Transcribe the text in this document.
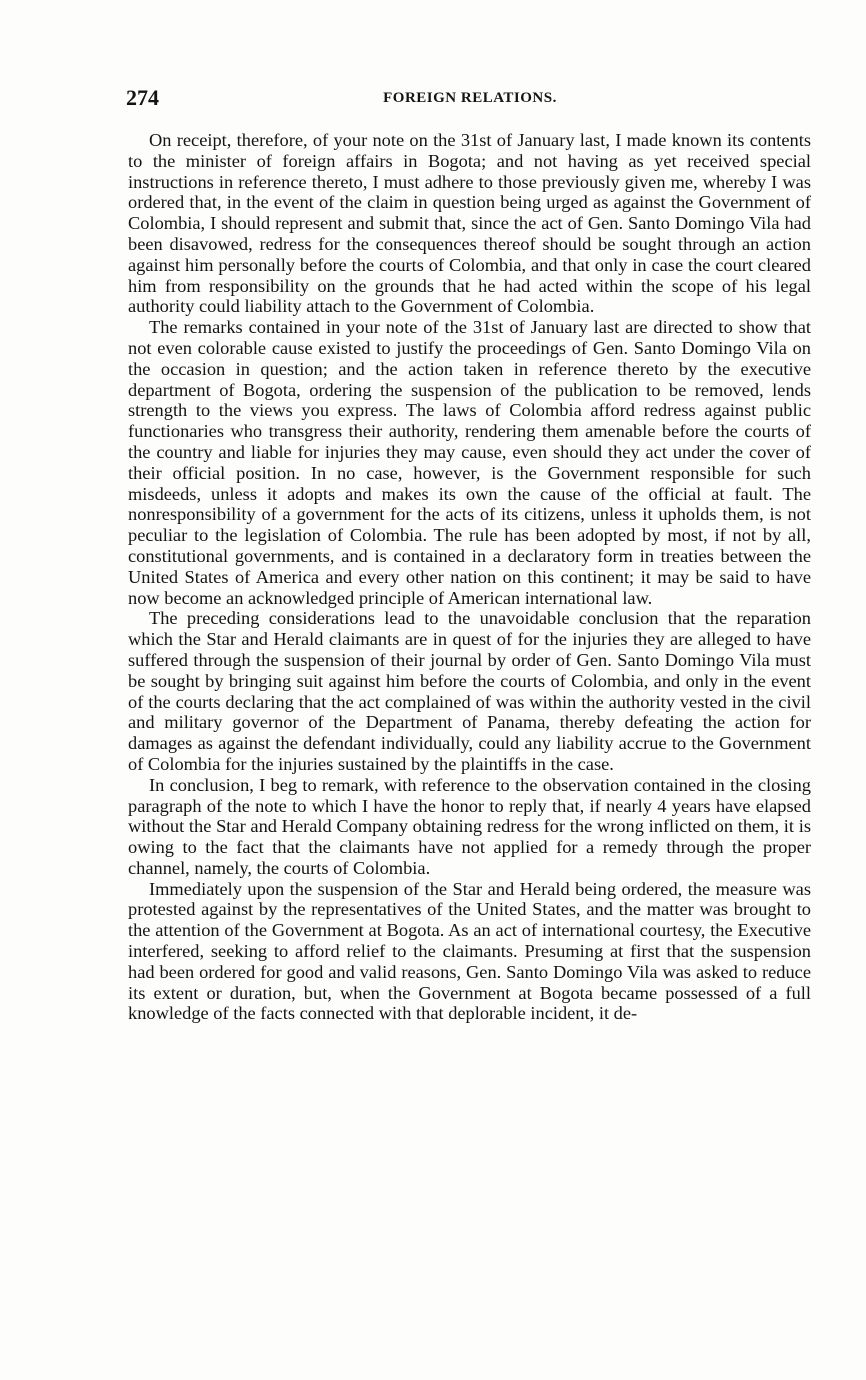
274	FOREIGN RELATIONS.

On receipt, therefore, of your note on the 31st of January last, I made known its contents to the minister of foreign affairs in Bogota; and not having as yet received special instructions in reference thereto, I must adhere to those previously given me, whereby I was ordered that, in the event of the claim in question being urged as against the Government of Colombia, I should represent and submit that, since the act of Gen. Santo Domingo Vila had been disavowed, redress for the consequences thereof should be sought through an action against him personally before the courts of Colombia, and that only in case the court cleared him from responsibility on the grounds that he had acted within the scope of his legal authority could liability attach to the Government of Colombia.

The remarks contained in your note of the 31st of January last are directed to show that not even colorable cause existed to justify the proceedings of Gen. Santo Domingo Vila on the occasion in question; and the action taken in reference thereto by the executive department of Bogota, ordering the suspension of the publication to be removed, lends strength to the views you express. The laws of Colombia afford redress against public functionaries who transgress their authority, rendering them amenable before the courts of the country and liable for injuries they may cause, even should they act under the cover of their official position. In no case, however, is the Government responsible for such misdeeds, unless it adopts and makes its own the cause of the official at fault. The nonresponsibility of a government for the acts of its citizens, unless it upholds them, is not peculiar to the legislation of Colombia. The rule has been adopted by most, if not by all, constitutional governments, and is contained in a declaratory form in treaties between the United States of America and every other nation on this continent; it may be said to have now become an acknowledged principle of American international law.

The preceding considerations lead to the unavoidable conclusion that the reparation which the Star and Herald claimants are in quest of for the injuries they are alleged to have suffered through the suspension of their journal by order of Gen. Santo Domingo Vila must be sought by bringing suit against him before the courts of Colombia, and only in the event of the courts declaring that the act complained of was within the authority vested in the civil and military governor of the Department of Panama, thereby defeating the action for damages as against the defendant individually, could any liability accrue to the Government of Colombia for the injuries sustained by the plaintiffs in the case.

In conclusion, I beg to remark, with reference to the observation contained in the closing paragraph of the note to which I have the honor to reply that, if nearly 4 years have elapsed without the Star and Herald Company obtaining redress for the wrong inflicted on them, it is owing to the fact that the claimants have not applied for a remedy through the proper channel, namely, the courts of Colombia.

Immediately upon the suspension of the Star and Herald being ordered, the measure was protested against by the representatives of the United States, and the matter was brought to the attention of the Government at Bogota. As an act of international courtesy, the Executive interfered, seeking to afford relief to the claimants. Presuming at first that the suspension had been ordered for good and valid reasons, Gen. Santo Domingo Vila was asked to reduce its extent or duration, but, when the Government at Bogota became possessed of a full knowledge of the facts connected with that deplorable incident, it de-
